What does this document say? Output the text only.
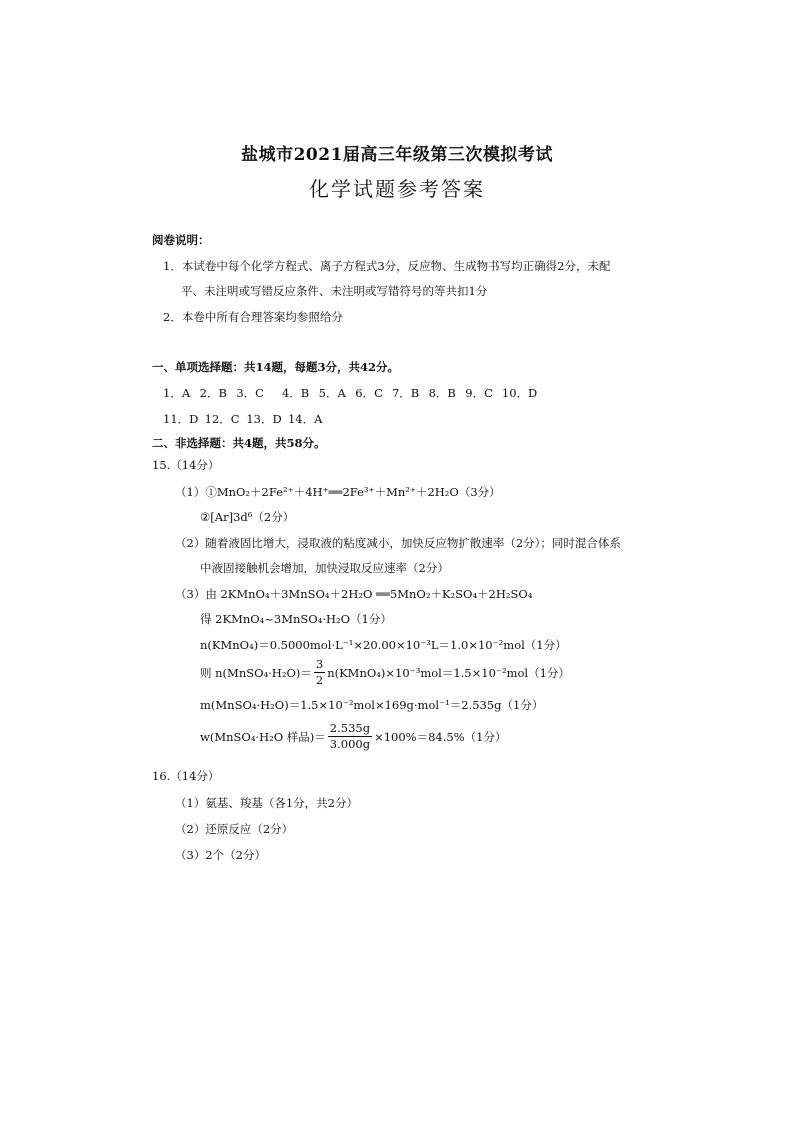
盐城市2021届高三年级第三次模拟考试
化学试题参考答案
阅卷说明：
1．本试卷中每个化学方程式、离子方程式3分，反应物、生成物书写均正确得2分，未配
平、未注明或写错反应条件、未注明或写错符号的等共扣1分
2．本卷中所有合理答案均参照给分
一、单项选择题：共14题，每题3分，共42分。
1．A 2．B 3．C 4．B 5．A 6．C 7．B 8．B 9．C 10．D
11．D 12．C 13．D 14．A
二、非选择题：共4题，共58分。
15.（14分）
（1）①MnO₂＋2Fe²⁺＋4H⁺══2Fe³⁺＋Mn²⁺＋2H₂O（3分）
②[Ar]3d⁶（2分）
（2）随着液固比增大，浸取液的粘度减小，加快反应物扩散速率（2分）；同时混合体系
中液固接触机会增加，加快浸取反应速率（2分）
（3）由 2KMnO₄＋3MnSO₄＋2H₂O ══5MnO₂＋K₂SO₄＋2H₂SO₄
得 2KMnO₄~3MnSO₄·H₂O（1分）
n(KMnO₄)＝0.5000mol·L⁻¹×20.00×10⁻³L＝1.0×10⁻²mol（1分）
则 n(MnSO₄·H₂O)＝ $\frac{3}{2}$ n(KMnO₄)×10⁻³mol＝1.5×10⁻²mol（1分）
m(MnSO₄·H₂O)＝1.5×10⁻²mol×169g·mol⁻¹＝2.535g（1分）
w(MnSO₄·H₂O 样品)＝ $\frac{2.535g}{3.000g} \times 100\%=84.5\%(1$分）
16.（14分）
（1）氨基、羧基（各1分，共2分）
（2）还原反应（2分）
（3）2个（2分）
